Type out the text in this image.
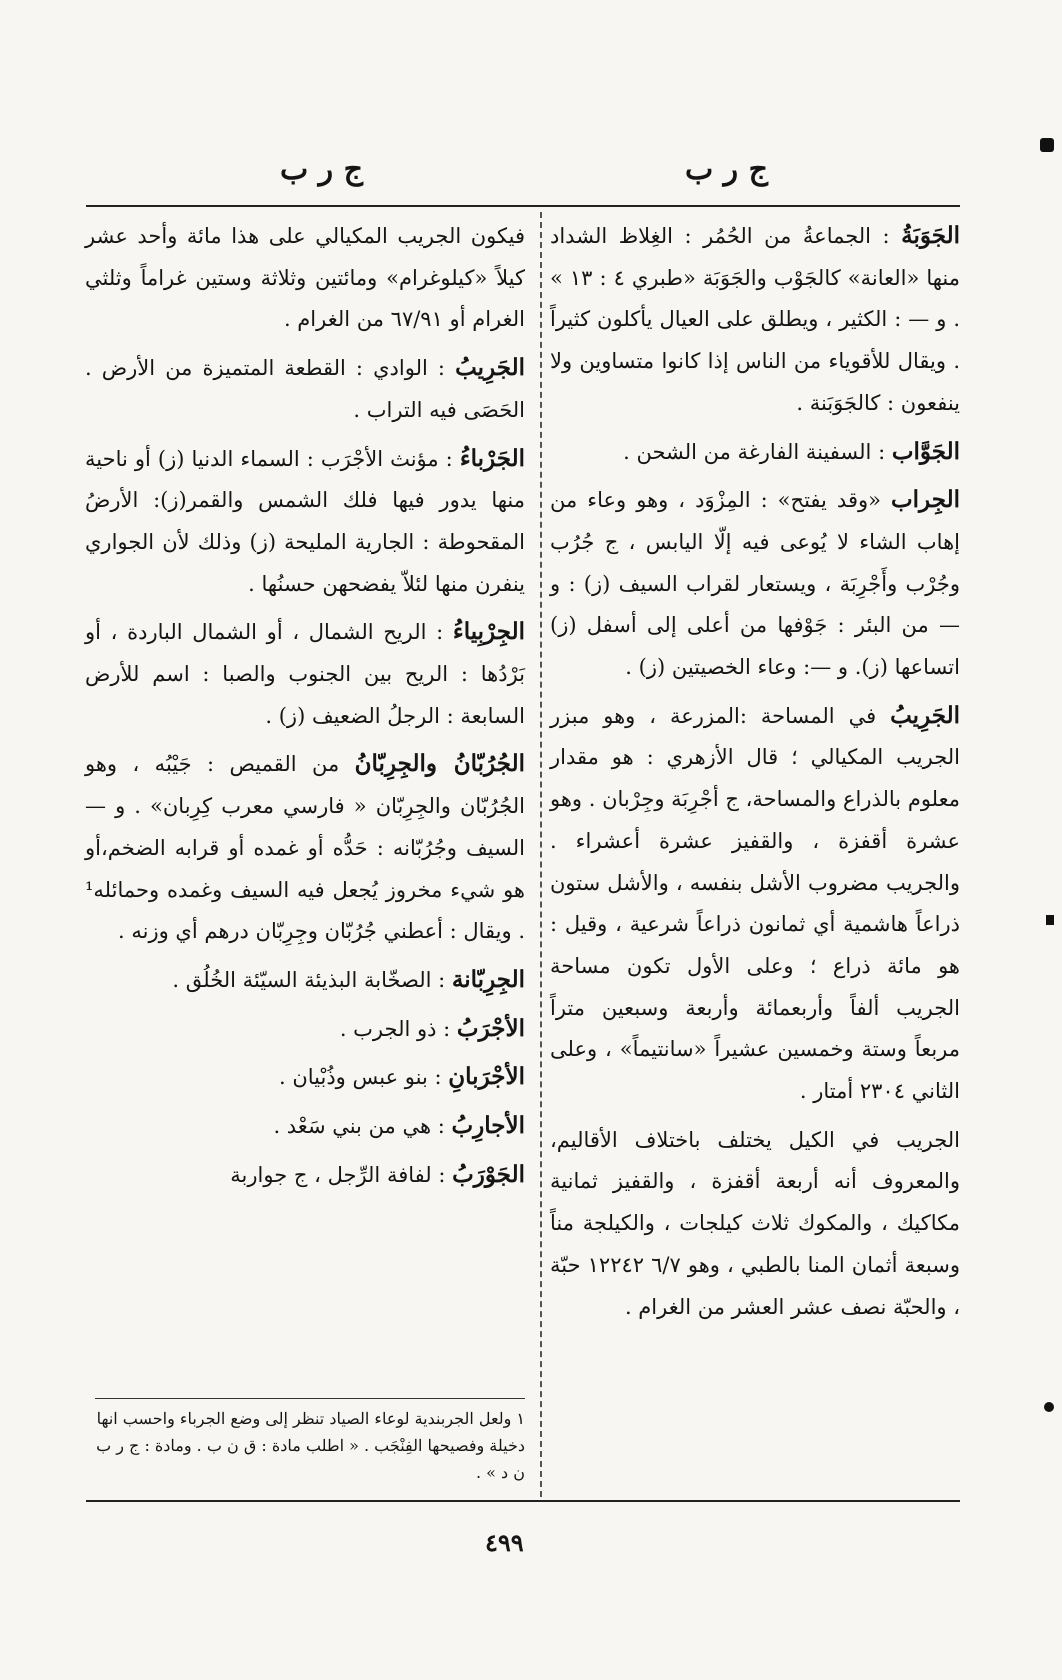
ج ر ب	ج ر ب

الجَوَبَةُ : الجماعةُ من الحُمُر : الغِلاظ الشداد منها «العانة» كالجَوْب والجَوَبَة «طبري ٤ : ١٣ » . و — : الكثير ، ويطلق على العيال يأكلون كثيراً . ويقال للأقوياء من الناس إذا كانوا متساوين ولا ينفعون : كالجَوَبَنة .

الجَوَّاب : السفينة الفارغة من الشحن .

الجِراب «وقد يفتح» : المِزْوَد ، وهو وعاء من إهاب الشاء لا يُوعى فيه إلّا اليابس ، ج جُرُب وجُرْب وأَجْرِبَة ، ويستعار لقراب السيف (ز) : و — من البئر : جَوْفها من أعلى إلى أسفل (ز) اتساعها (ز). و —: وعاء الخصيتين (ز) .

الجَرِيبُ في المساحة :المزرعة ، وهو مبزر الجريب المكيالي ؛ قال الأزهري : هو مقدار معلوم بالذراع والمساحة، ج أجْرِبَة وجِرْبان . وهو عشرة أقفزة ، والقفيز عشرة أعشراء . والجريب مضروب الأشل بنفسه ، والأشل ستون ذراعاً هاشمية أي ثمانون ذراعاً شرعية ، وقيل : هو مائة ذراع ؛ وعلى الأول تكون مساحة الجريب ألفاً وأربعمائة وأربعة وسبعين متراً مربعاً وستة وخمسين عشيراً «سانتيماً» ، وعلى الثاني ٢٣٠٤ أمتار .

الجريب في الكيل يختلف باختلاف الأقاليم، والمعروف أنه أربعة أقفزة ، والقفيز ثمانية مكاكيك ، والمكوك ثلاث كيلجات ، والكيلجة مناً وسبعة أثمان المنا بالطبي ، وهو ٦/٧ ١٢٢٤٢ حبّة ، والحبّة نصف عشر العشر من الغرام .

فيكون الجريب المكيالي على هذا مائة وأحد عشر كيلاً «كيلوغرام» ومائتين وثلاثة وستين غراماً وثلثي الغرام أو ٦٧/٩١ من الغرام .

الجَرِيبُ : الوادي : القطعة المتميزة من الأرض . الحَصَى فيه التراب .

الجَرْباءُ : مؤنث الأجْرَب : السماء الدنيا (ز) أو ناحية منها يدور فيها فلك الشمس والقمر(ز): الأرضُ المقحوطة : الجارية المليحة (ز) وذلك لأن الجواري ينفرن منها لئلاّ يفضحهن حسنُها .

الجِرْبِياءُ : الريح الشمال ، أو الشمال الباردة ، أو بَرْدُها : الريح بين الجنوب والصبا : اسم للأرض السابعة : الرجلُ الضعيف (ز) .

الجُرُبّانُ والجِرِبّانُ من القميص : جَيْبُه ، وهو الجُرُبّان والجِرِبّان « فارسي معرب كِرِبان» . و — السيف وجُرُبّانه : حَدُّه أو غمده أو قرابه الضخم،أو هو شيء مخروز يُجعل فيه السيف وغمده وحمائله¹ . ويقال : أعطني جُرُبّان وجِرِبّان درهم أي وزنه .

الجِرِبّانة : الصخّابة البذيئة السيّئة الخُلُق .

الأجْرَبُ : ذو الجرب .

الأجْرَبانِ : بنو عبس وذُبْيان .

الأجارِبُ : هي من بني سَعْد .

الجَوْرَبُ : لفافة الرِّجل ، ج جواربة

١ ولعل الجربندية لوعاء الصياد تنظر إلى وضع الجرباء واحسب انها دخيلة وفصيحها الفِنْجَب . « اطلب مادة : ق ن ب . ومادة : ج ر ب ن د » .
٤٩٩
